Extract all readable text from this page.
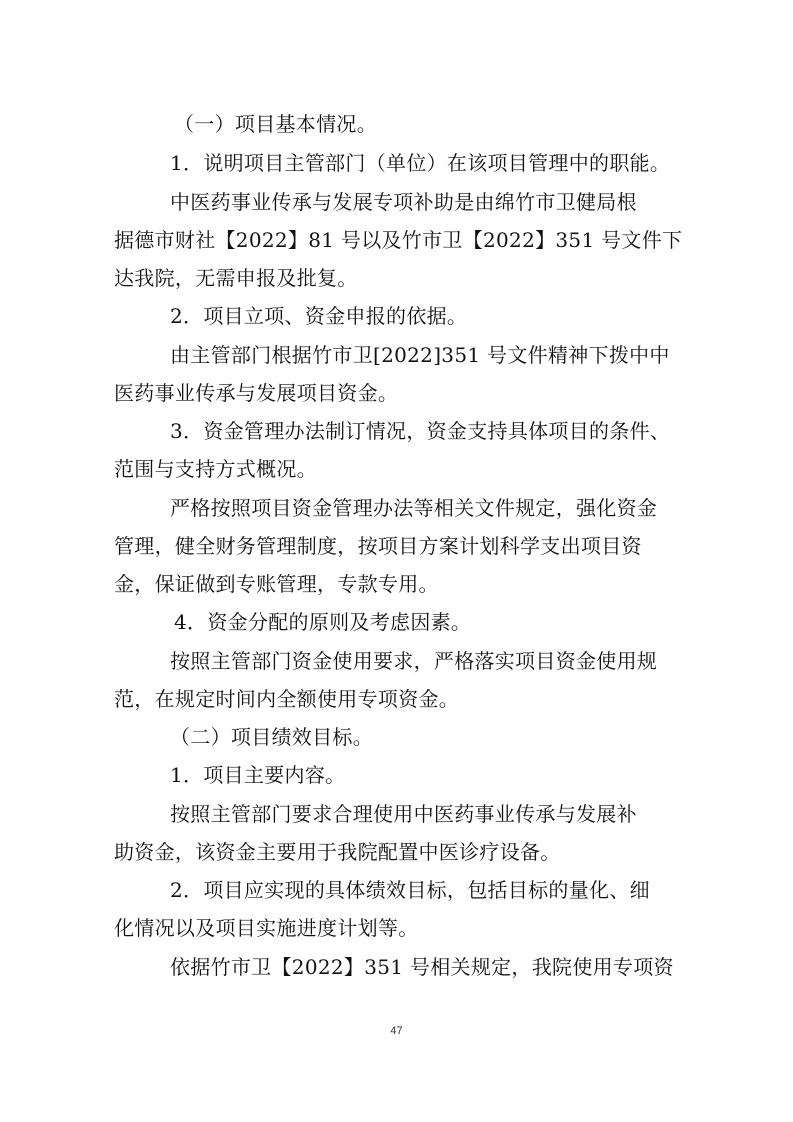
（一）项目基本情况。
1．说明项目主管部门（单位）在该项目管理中的职能。
中医药事业传承与发展专项补助是由绵竹市卫健局根
据德市财社【2022】81 号以及竹市卫【2022】351 号文件下
达我院，无需申报及批复。
2．项目立项、资金申报的依据。
由主管部门根据竹市卫[2022]351 号文件精神下拨中中
医药事业传承与发展项目资金。
3．资金管理办法制订情况，资金支持具体项目的条件、
范围与支持方式概况。
严格按照项目资金管理办法等相关文件规定，强化资金
管理，健全财务管理制度，按项目方案计划科学支出项目资
金，保证做到专账管理，专款专用。
4．资金分配的原则及考虑因素。
按照主管部门资金使用要求，严格落实项目资金使用规
范，在规定时间内全额使用专项资金。
（二）项目绩效目标。
1．项目主要内容。
按照主管部门要求合理使用中医药事业传承与发展补
助资金，该资金主要用于我院配置中医诊疗设备。
2．项目应实现的具体绩效目标，包括目标的量化、细
化情况以及项目实施进度计划等。
依据竹市卫【2022】351 号相关规定，我院使用专项资
47
